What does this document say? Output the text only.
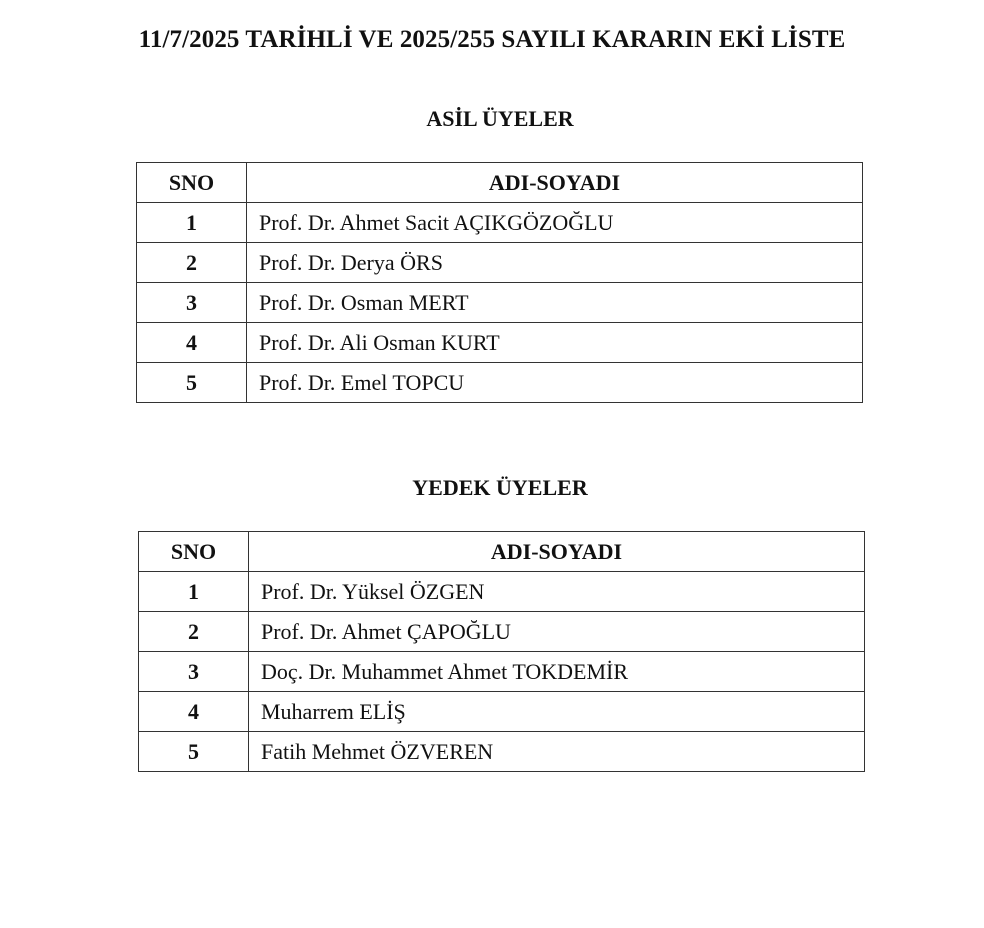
11/7/2025 TARİHLİ VE 2025/255 SAYILI KARARIN EKİ LİSTE
ASİL ÜYELER
SNO	ADI-SOYADI
1	Prof. Dr. Ahmet Sacit AÇIKGÖZOĞLU
2	Prof. Dr. Derya ÖRS
3	Prof. Dr. Osman MERT
4	Prof. Dr. Ali Osman KURT
5	Prof. Dr. Emel TOPCU
YEDEK ÜYELER
SNO	ADI-SOYADI
1	Prof. Dr. Yüksel ÖZGEN
2	Prof. Dr. Ahmet ÇAPOĞLU
3	Doç. Dr. Muhammet Ahmet TOKDEMİR
4	Muharrem ELİŞ
5	Fatih Mehmet ÖZVEREN
